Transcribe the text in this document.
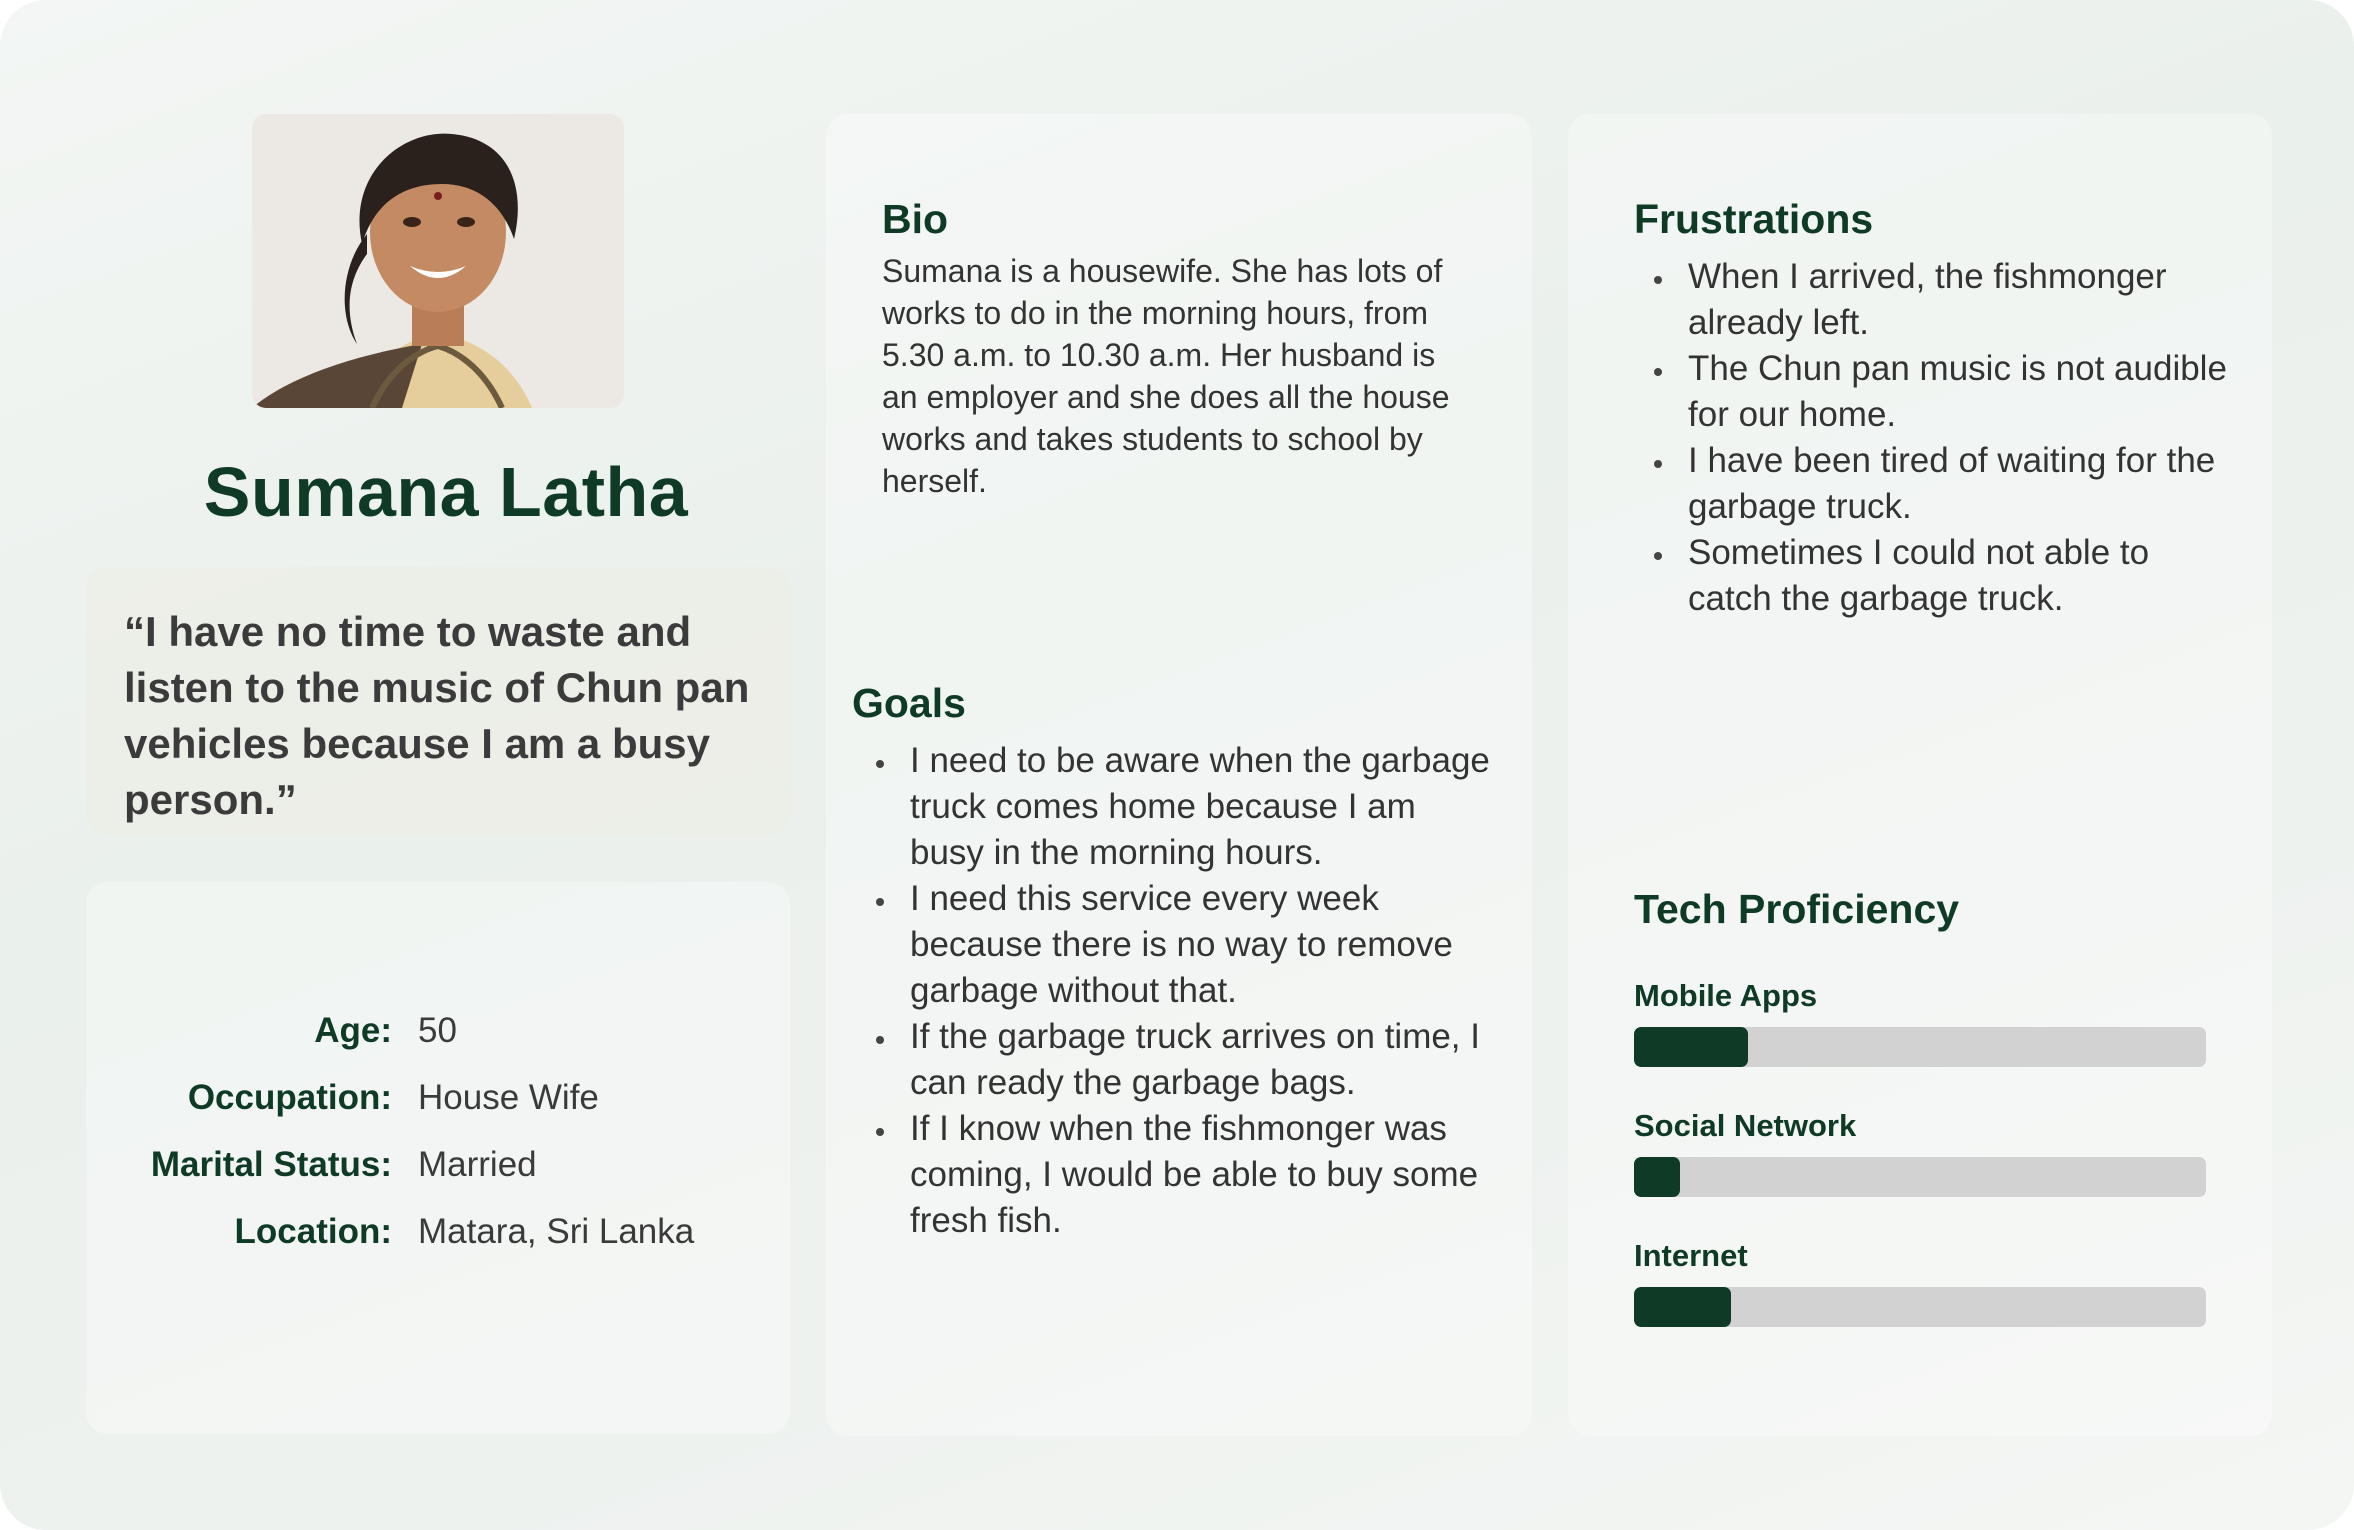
Sumana Latha
“I have no time to waste and listen to the music of Chun pan vehicles because I am a busy person.”
Age: 50
Occupation: House Wife
Marital Status: Married
Location: Matara, Sri Lanka
Bio
Sumana is a housewife. She has lots of works to do in the morning hours, from 5.30 a.m. to 10.30 a.m. Her husband is an employer and she does all the house works and takes students to school by herself.
Goals
I need to be aware when the garbage truck comes home because I am busy in the morning hours.
I need this service every week because there is no way to remove garbage without that.
If the garbage truck arrives on time, I can ready the garbage bags.
If I know when the fishmonger was coming, I would be able to buy some fresh fish.
Frustrations
When I arrived, the fishmonger already left.
The Chun pan music is not audible for our home.
I have been tired of waiting for the garbage truck.
Sometimes I could not able to catch the garbage truck.
Tech Proficiency
Mobile Apps
Social Network
Internet
